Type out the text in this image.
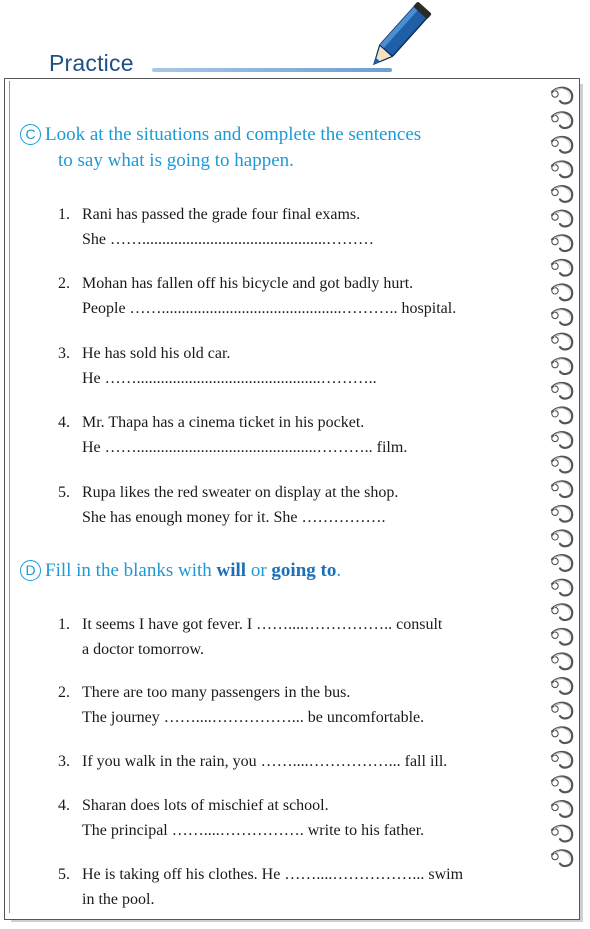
Practice
C Look at the situations and complete the sentences
to say what is going to happen.
1. Rani has passed the grade four final exams.
She ……..............................................………
2. Mohan has fallen off his bicycle and got badly hurt.
People …….............................................……….. hospital.
3. He has sold his old car.
He ……..............................................………..
4. Mr. Thapa has a cinema ticket in his pocket.
He …….............................................……….. film.
5. Rupa likes the red sweater on display at the shop.
She has enough money for it. She …………….
D Fill in the blanks with will or going to.
1. It seems I have got fever. I ……....…………….. consult
a doctor tomorrow.
2. There are too many passengers in the bus.
The journey ……....……………... be uncomfortable.
3. If you walk in the rain, you ……....……………... fall ill.
4. Sharan does lots of mischief at school.
The principal ……....……………. write to his father.
5. He is taking off his clothes. He ……....……………... swim
in the pool.
